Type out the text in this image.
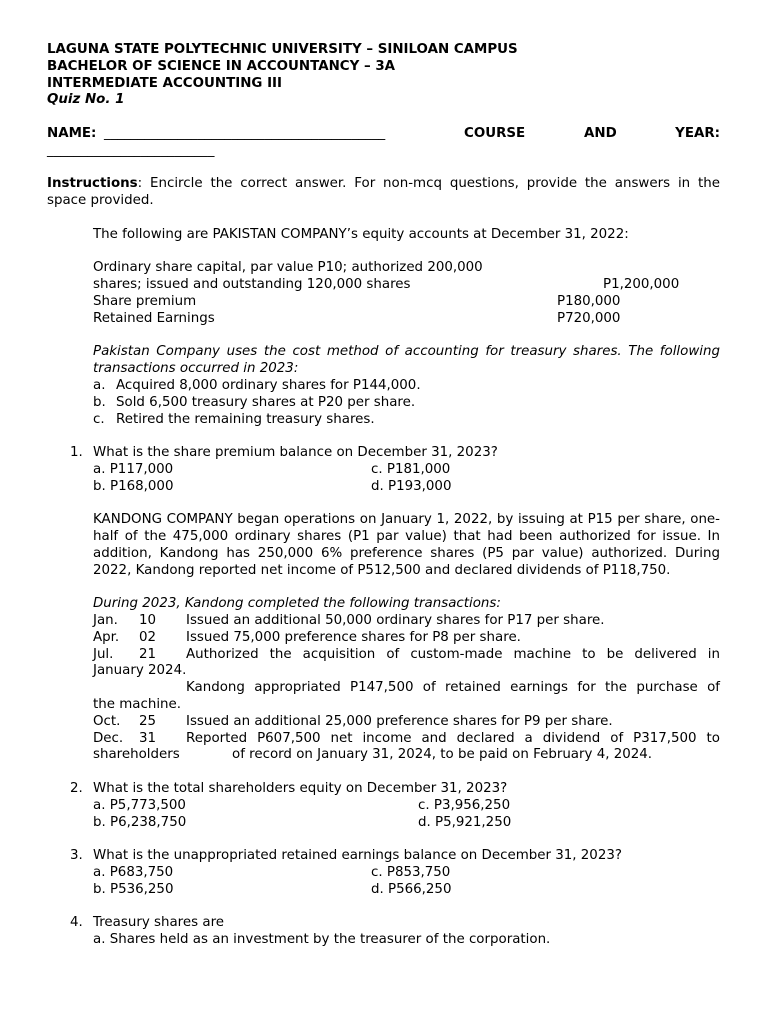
LAGUNA STATE POLYTECHNIC UNIVERSITY – SINILOAN CAMPUS
BACHELOR OF SCIENCE IN ACCOUNTANCY – 3A
INTERMEDIATE ACCOUNTING III
Quiz No. 1
NAME: __________________________________________	COURSE	AND	YEAR:
_________________________
Instructions: Encircle the correct answer. For non-mcq questions, provide the answers in the space provided.
The following are PAKISTAN COMPANY’s equity accounts at December 31, 2022:
Ordinary share capital, par value P10; authorized 200,000
shares; issued and outstanding 120,000 shares	P1,200,000
Share premium	P180,000
Retained Earnings	P720,000
Pakistan Company uses the cost method of accounting for treasury shares. The following transactions occurred in 2023:
a. Acquired 8,000 ordinary shares for P144,000.
b. Sold 6,500 treasury shares at P20 per share.
c. Retired the remaining treasury shares.
1. What is the share premium balance on December 31, 2023?
a. P117,000	c. P181,000
b. P168,000	d. P193,000
KANDONG COMPANY began operations on January 1, 2022, by issuing at P15 per share, one-half of the 475,000 ordinary shares (P1 par value) that had been authorized for issue. In addition, Kandong has 250,000 6% preference shares (P5 par value) authorized. During 2022, Kandong reported net income of P512,500 and declared dividends of P118,750.
During 2023, Kandong completed the following transactions:
Jan. 10 Issued an additional 50,000 ordinary shares for P17 per share.
Apr. 02 Issued 75,000 preference shares for P8 per share.
Jul. 21 Authorized the acquisition of custom-made machine to be delivered in
January 2024.
Kandong appropriated P147,500 of retained earnings for the purchase of
the machine.
Oct. 25 Issued an additional 25,000 preference shares for P9 per share.
Dec. 31 Reported P607,500 net income and declared a dividend of P317,500 to
shareholders	of record on January 31, 2024, to be paid on February 4, 2024.
2. What is the total shareholders equity on December 31, 2023?
a. P5,773,500	c. P3,956,250
b. P6,238,750	d. P5,921,250
3. What is the unappropriated retained earnings balance on December 31, 2023?
a. P683,750	c. P853,750
b. P536,250	d. P566,250
4. Treasury shares are
a. Shares held as an investment by the treasurer of the corporation.
